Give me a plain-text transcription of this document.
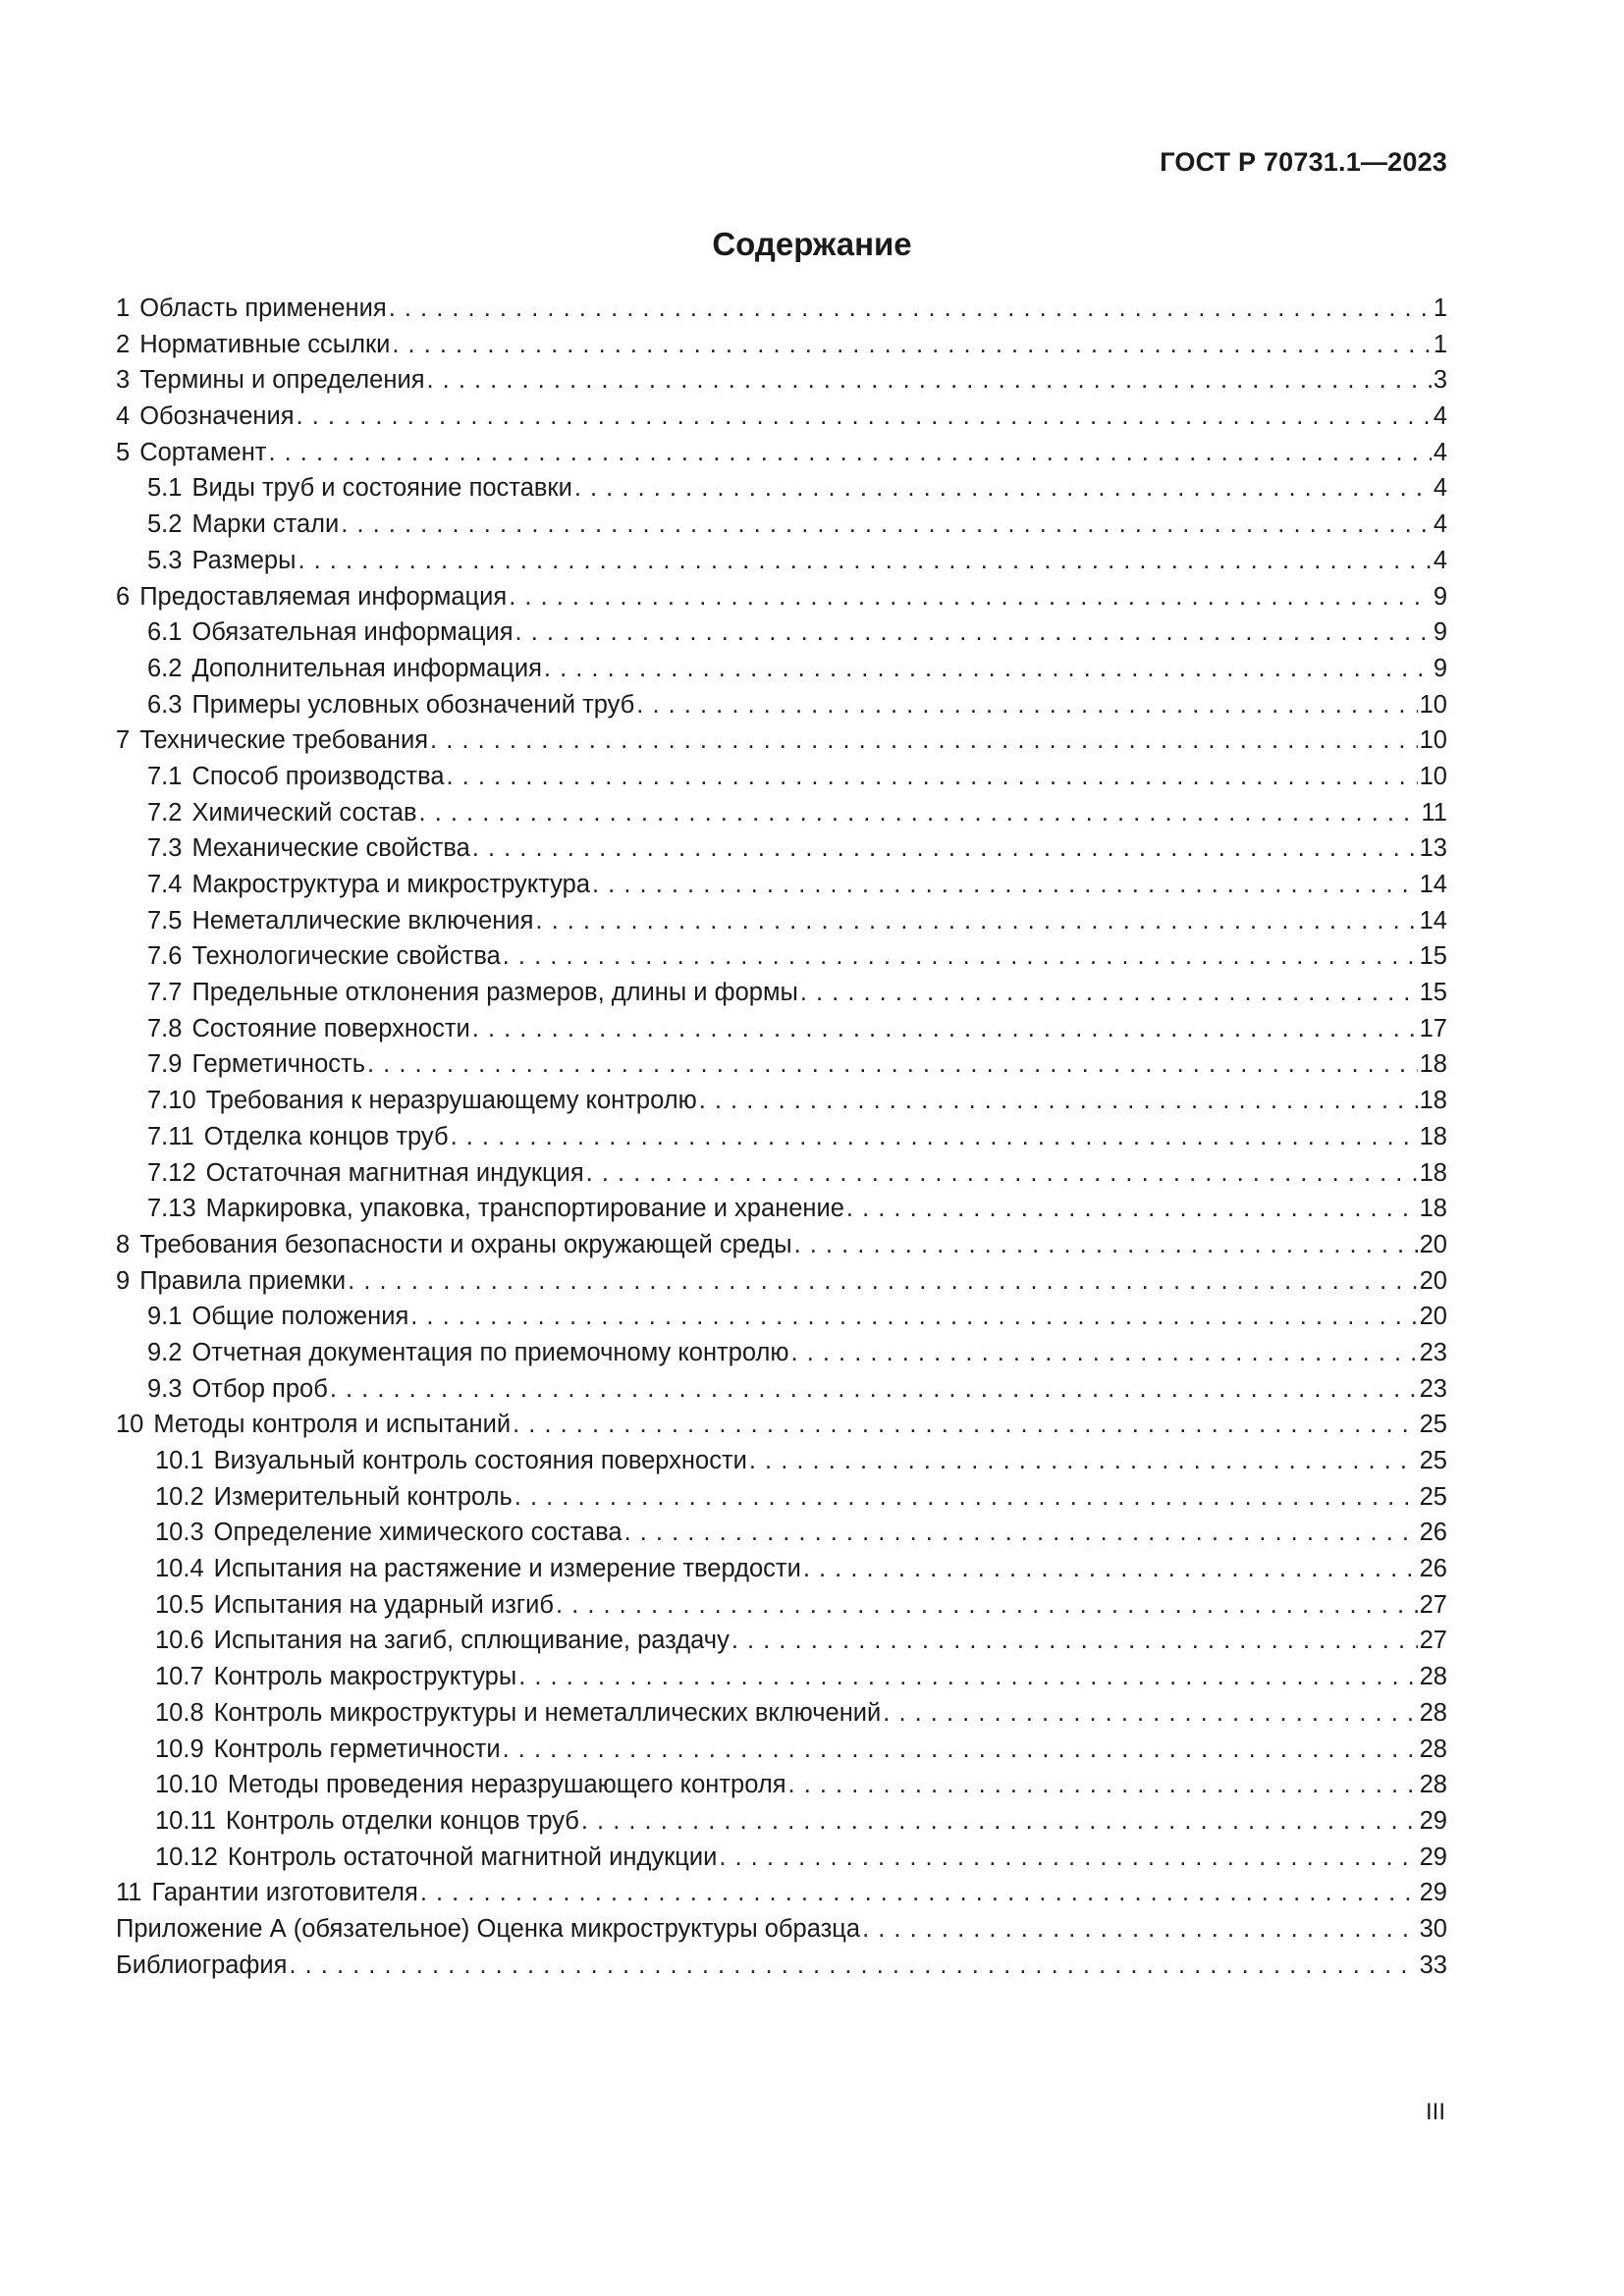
ГОСТ Р 70731.1—2023
Содержание
1 Область применения . . .	1
2 Нормативные ссылки . . .	1
3 Термины и определения . . .	3
4 Обозначения . . .	4
5 Сортамент . . .	4
5.1 Виды труб и состояние поставки . . .	4
5.2 Марки стали . . .	4
5.3 Размеры . . .	4
6 Предоставляемая информация . . .	9
6.1 Обязательная информация . . .	9
6.2 Дополнительная информация . . .	9
6.3 Примеры условных обозначений труб . . .	10
7 Технические требования . . .	10
7.1 Способ производства . . .	10
7.2 Химический состав . . .	11
7.3 Механические свойства . . .	13
7.4 Макроструктура и микроструктура . . .	14
7.5 Неметаллические включения . . .	14
7.6 Технологические свойства . . .	15
7.7 Предельные отклонения размеров, длины и формы . . .	15
7.8 Состояние поверхности . . .	17
7.9 Герметичность . . .	18
7.10 Требования к неразрушающему контролю . . .	18
7.11 Отделка концов труб . . .	18
7.12 Остаточная магнитная индукция . . .	18
7.13 Маркировка, упаковка, транспортирование и хранение . . .	18
8 Требования безопасности и охраны окружающей среды . . .	20
9 Правила приемки . . .	20
9.1 Общие положения . . .	20
9.2 Отчетная документация по приемочному контролю . . .	23
9.3 Отбор проб . . .	23
10 Методы контроля и испытаний . . .	25
10.1 Визуальный контроль состояния поверхности . . .	25
10.2 Измерительный контроль . . .	25
10.3 Определение химического состава . . .	26
10.4 Испытания на растяжение и измерение твердости . . .	26
10.5 Испытания на ударный изгиб . . .	27
10.6 Испытания на загиб, сплющивание, раздачу . . .	27
10.7 Контроль макроструктуры . . .	28
10.8 Контроль микроструктуры и неметаллических включений . . .	28
10.9 Контроль герметичности . . .	28
10.10 Методы проведения неразрушающего контроля . . .	28
10.11 Контроль отделки концов труб . . .	29
10.12 Контроль остаточной магнитной индукции . . .	29
11 Гарантии изготовителя . . .	29
Приложение А (обязательное) Оценка микроструктуры образца . . .	30
Библиография . . .	33
III
